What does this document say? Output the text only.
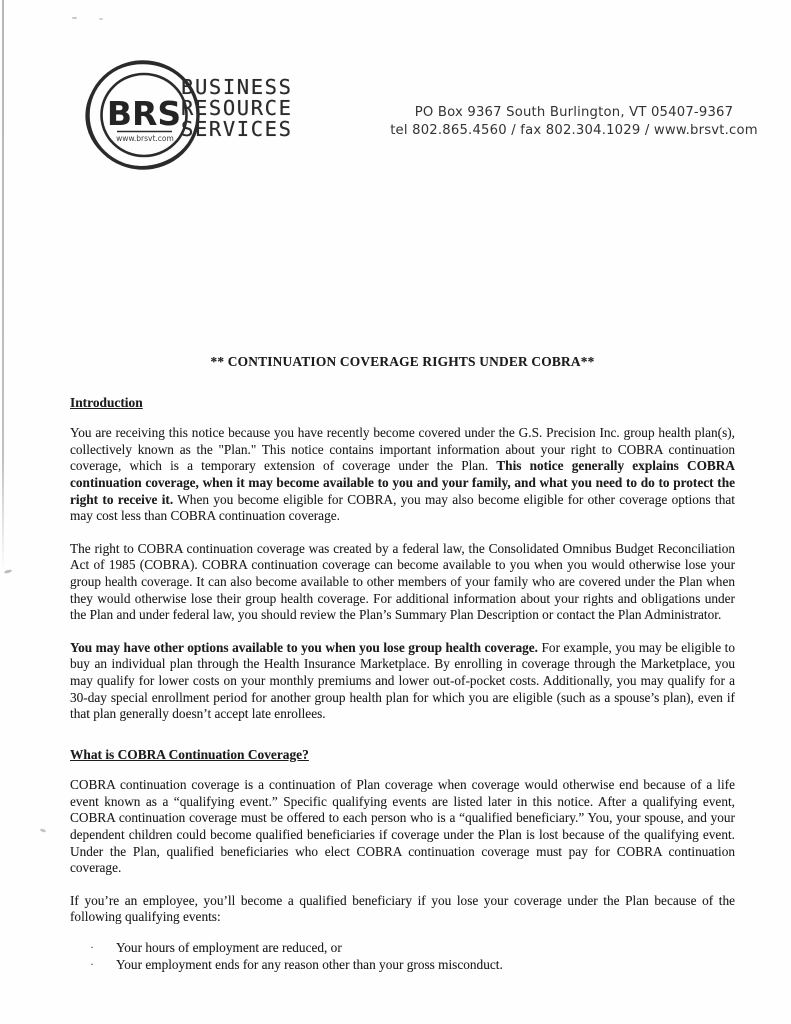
BRS
www.brsvt.com
BUSINESS
RESOURCE
SERVICES
PO Box 9367 South Burlington, VT 05407-9367
tel 802.865.4560 / fax 802.304.1029 / www.brsvt.com

** CONTINUATION COVERAGE RIGHTS UNDER COBRA**

Introduction

You are receiving this notice because you have recently become covered under the G.S. Precision Inc. group health plan(s), collectively known as the "Plan." This notice contains important information about your right to COBRA continuation coverage, which is a temporary extension of coverage under the Plan. This notice generally explains COBRA continuation coverage, when it may become available to you and your family, and what you need to do to protect the right to receive it. When you become eligible for COBRA, you may also become eligible for other coverage options that may cost less than COBRA continuation coverage.

The right to COBRA continuation coverage was created by a federal law, the Consolidated Omnibus Budget Reconciliation Act of 1985 (COBRA). COBRA continuation coverage can become available to you when you would otherwise lose your group health coverage. It can also become available to other members of your family who are covered under the Plan when they would otherwise lose their group health coverage. For additional information about your rights and obligations under the Plan and under federal law, you should review the Plan’s Summary Plan Description or contact the Plan Administrator.

You may have other options available to you when you lose group health coverage. For example, you may be eligible to buy an individual plan through the Health Insurance Marketplace. By enrolling in coverage through the Marketplace, you may qualify for lower costs on your monthly premiums and lower out-of-pocket costs. Additionally, you may qualify for a 30-day special enrollment period for another group health plan for which you are eligible (such as a spouse’s plan), even if that plan generally doesn’t accept late enrollees.

What is COBRA Continuation Coverage?

COBRA continuation coverage is a continuation of Plan coverage when coverage would otherwise end because of a life event known as a “qualifying event.” Specific qualifying events are listed later in this notice. After a qualifying event, COBRA continuation coverage must be offered to each person who is a “qualified beneficiary.” You, your spouse, and your dependent children could become qualified beneficiaries if coverage under the Plan is lost because of the qualifying event. Under the Plan, qualified beneficiaries who elect COBRA continuation coverage must pay for COBRA continuation coverage.

If you’re an employee, you’ll become a qualified beneficiary if you lose your coverage under the Plan because of the following qualifying events:

· Your hours of employment are reduced, or
· Your employment ends for any reason other than your gross misconduct.
